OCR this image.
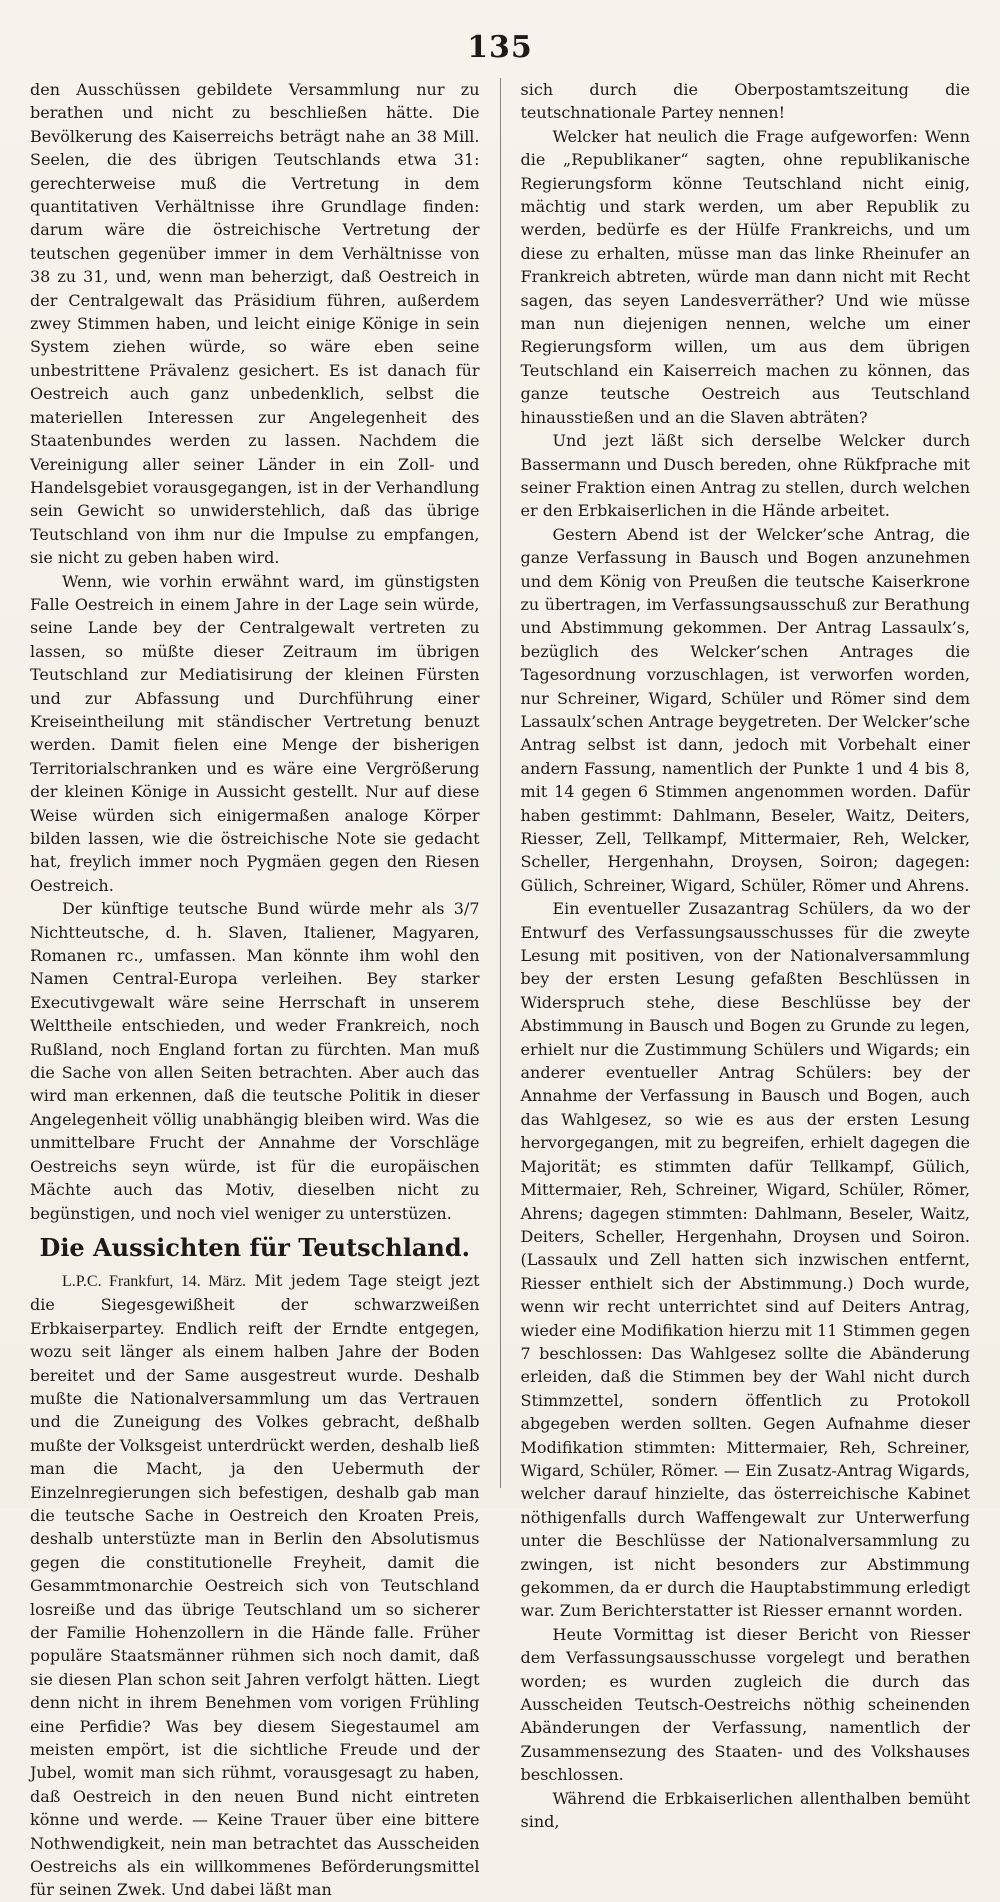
135

den Ausschüssen gebildete Versammlung nur zu berathen und nicht zu beschließen hätte. Die Bevölkerung des Kaiserreichs beträgt nahe an 38 Mill. Seelen, die des übrigen Teutschlands etwa 31: gerechterweise muß die Vertretung in dem quantitativen Verhältnisse ihre Grundlage finden: darum wäre die östreichische Vertretung der teutschen gegenüber immer in dem Verhältnisse von 38 zu 31, und, wenn man beherzigt, daß Oestreich in der Centralgewalt das Präsidium führen, außerdem zwey Stimmen haben, und leicht einige Könige in sein System ziehen würde, so wäre eben seine unbestrittene Prävalenz gesichert. Es ist danach für Oestreich auch ganz unbedenklich, selbst die materiellen Interessen zur Angelegenheit des Staatenbundes werden zu lassen. Nachdem die Vereinigung aller seiner Länder in ein Zoll- und Handelsgebiet vorausgegangen, ist in der Verhandlung sein Gewicht so unwiderstehlich, daß das übrige Teutschland von ihm nur die Impulse zu empfangen, sie nicht zu geben haben wird.

Wenn, wie vorhin erwähnt ward, im günstigsten Falle Oestreich in einem Jahre in der Lage sein würde, seine Lande bey der Centralgewalt vertreten zu lassen, so müßte dieser Zeitraum im übrigen Teutschland zur Mediatisirung der kleinen Fürsten und zur Abfassung und Durchführung einer Kreiseintheilung mit ständischer Vertretung benuzt werden. Damit fielen eine Menge der bisherigen Territorialschranken und es wäre eine Vergrößerung der kleinen Könige in Aussicht gestellt. Nur auf diese Weise würden sich einigermaßen analoge Körper bilden lassen, wie die östreichische Note sie gedacht hat, freylich immer noch Pygmäen gegen den Riesen Oestreich.

Der künftige teutsche Bund würde mehr als 3/7 Nichtteutsche, d. h. Slaven, Italiener, Magyaren, Romanen rc., umfassen. Man könnte ihm wohl den Namen Central-Europa verleihen. Bey starker Executivgewalt wäre seine Herrschaft in unserem Welttheile entschieden, und weder Frankreich, noch Rußland, noch England fortan zu fürchten. Man muß die Sache von allen Seiten betrachten. Aber auch das wird man erkennen, daß die teutsche Politik in dieser Angelegenheit völlig unabhängig bleiben wird. Was die unmittelbare Frucht der Annahme der Vorschläge Oestreichs seyn würde, ist für die europäischen Mächte auch das Motiv, dieselben nicht zu begünstigen, und noch viel weniger zu unterstüzen.

Die Aussichten für Teutschland.

L.P.C. Frankfurt, 14. März. Mit jedem Tage steigt jezt die Siegesgewißheit der schwarzweißen Erbkaiserpartey. Endlich reift der Erndte entgegen, wozu seit länger als einem halben Jahre der Boden bereitet und der Same ausgestreut wurde. Deshalb mußte die Nationalversammlung um das Vertrauen und die Zuneigung des Volkes gebracht, deßhalb mußte der Volksgeist unterdrückt werden, deshalb ließ man die Macht, ja den Uebermuth der Einzelnregierungen sich befestigen, deshalb gab man die teutsche Sache in Oestreich den Kroaten Preis, deshalb unterstüzte man in Berlin den Absolutismus gegen die constitutionelle Freyheit, damit die Gesammtmonarchie Oestreich sich von Teutschland losreiße und das übrige Teutschland um so sicherer der Familie Hohenzollern in die Hände falle. Früher populäre Staatsmänner rühmen sich noch damit, daß sie diesen Plan schon seit Jahren verfolgt hätten. Liegt denn nicht in ihrem Benehmen vom vorigen Frühling eine Perfidie? Was bey diesem Siegestaumel am meisten empört, ist die sichtliche Freude und der Jubel, womit man sich rühmt, vorausgesagt zu haben, daß Oestreich in den neuen Bund nicht eintreten könne und werde. — Keine Trauer über eine bittere Nothwendigkeit, nein man betrachtet das Ausscheiden Oestreichs als ein willkommenes Beförderungsmittel für seinen Zwek. Und dabei läßt man

sich durch die Oberpostamtszeitung die teutschnationale Partey nennen!

Welcker hat neulich die Frage aufgeworfen: Wenn die „Republikaner“ sagten, ohne republikanische Regierungsform könne Teutschland nicht einig, mächtig und stark werden, um aber Republik zu werden, bedürfe es der Hülfe Frankreichs, und um diese zu erhalten, müsse man das linke Rheinufer an Frankreich abtreten, würde man dann nicht mit Recht sagen, das seyen Landesverräther? Und wie müsse man nun diejenigen nennen, welche um einer Regierungsform willen, um aus dem übrigen Teutschland ein Kaiserreich machen zu können, das ganze teutsche Oestreich aus Teutschland hinausstießen und an die Slaven abträten?

Und jezt läßt sich derselbe Welcker durch Bassermann und Dusch bereden, ohne Rükfprache mit seiner Fraktion einen Antrag zu stellen, durch welchen er den Erbkaiserlichen in die Hände arbeitet.

Gestern Abend ist der Welcker’sche Antrag, die ganze Verfassung in Bausch und Bogen anzunehmen und dem König von Preußen die teutsche Kaiserkrone zu übertragen, im Verfassungsausschuß zur Berathung und Abstimmung gekommen. Der Antrag Lassaulx’s, bezüglich des Welcker’schen Antrages die Tagesordnung vorzuschlagen, ist verworfen worden, nur Schreiner, Wigard, Schüler und Römer sind dem Lassaulx’schen Antrage beygetreten. Der Welcker’sche Antrag selbst ist dann, jedoch mit Vorbehalt einer andern Fassung, namentlich der Punkte 1 und 4 bis 8, mit 14 gegen 6 Stimmen angenommen worden. Dafür haben gestimmt: Dahlmann, Beseler, Waitz, Deiters, Riesser, Zell, Tellkampf, Mittermaier, Reh, Welcker, Scheller, Hergenhahn, Droysen, Soiron; dagegen: Gülich, Schreiner, Wigard, Schüler, Römer und Ahrens.

Ein eventueller Zusazantrag Schülers, da wo der Entwurf des Verfassungsausschusses für die zweyte Lesung mit positiven, von der Nationalversammlung bey der ersten Lesung gefaßten Beschlüssen in Widerspruch stehe, diese Beschlüsse bey der Abstimmung in Bausch und Bogen zu Grunde zu legen, erhielt nur die Zustimmung Schülers und Wigards; ein anderer eventueller Antrag Schülers: bey der Annahme der Verfassung in Bausch und Bogen, auch das Wahlgesez, so wie es aus der ersten Lesung hervorgegangen, mit zu begreifen, erhielt dagegen die Majorität; es stimmten dafür Tellkampf, Gülich, Mittermaier, Reh, Schreiner, Wigard, Schüler, Römer, Ahrens; dagegen stimmten: Dahlmann, Beseler, Waitz, Deiters, Scheller, Hergenhahn, Droysen und Soiron. (Lassaulx und Zell hatten sich inzwischen entfernt, Riesser enthielt sich der Abstimmung.) Doch wurde, wenn wir recht unterrichtet sind auf Deiters Antrag, wieder eine Modifikation hierzu mit 11 Stimmen gegen 7 beschlossen: Das Wahlgesez sollte die Abänderung erleiden, daß die Stimmen bey der Wahl nicht durch Stimmzettel, sondern öffentlich zu Protokoll abgegeben werden sollten. Gegen Aufnahme dieser Modifikation stimmten: Mittermaier, Reh, Schreiner, Wigard, Schüler, Römer. — Ein Zusatz-Antrag Wigards, welcher darauf hinzielte, das österreichische Kabinet nöthigenfalls durch Waffengewalt zur Unterwerfung unter die Beschlüsse der Nationalversammlung zu zwingen, ist nicht besonders zur Abstimmung gekommen, da er durch die Hauptabstimmung erledigt war. Zum Berichterstatter ist Riesser ernannt worden.

Heute Vormittag ist dieser Bericht von Riesser dem Verfassungsausschusse vorgelegt und berathen worden; es wurden zugleich die durch das Ausscheiden Teutsch-Oestreichs nöthig scheinenden Abänderungen der Verfassung, namentlich der Zusammensezung des Staaten- und des Volkshauses beschlossen.

Während die Erbkaiserlichen allenthalben bemüht sind,
